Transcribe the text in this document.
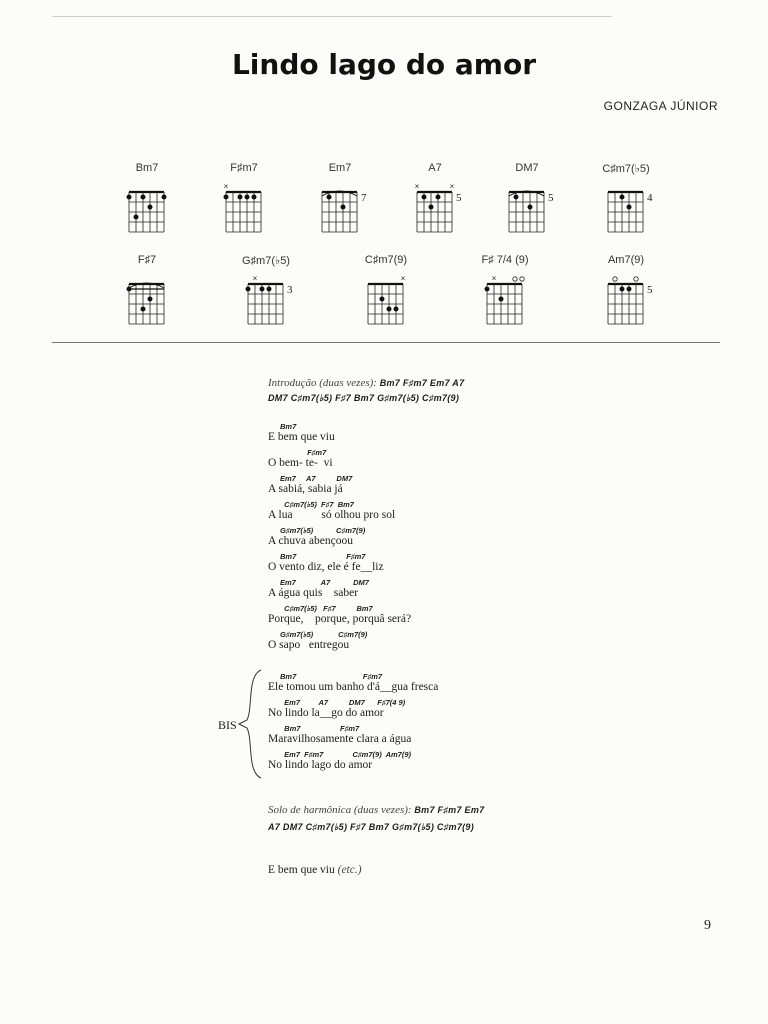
Lindo lago do amor
GONZAGA JÚNIOR
Bm7	F♯m7
×
Em7
7
A7
×	×
5
DM7
5
C♯m7(♭5)
4
F♯7	G♯m7(♭5)
×
3
C♯m7(9)
×
F♯ 7/4 (9)
×
Am7(9)
5
Introdução (duas vezes): Bm7 F♯m7 Em7 A7
DM7 C♯m7(♭5) F♯7 Bm7 G♯m7(♭5) C♯m7(9)
Bm7
E bem que viu
F♯m7
O bem- te-  vi
Em7     A7          DM7
A sabiá, sabia já
C♯m7(♭5)  F♯7  Bm7
A lua          só olhou pro sol
G♯m7(♭5)           C♯m7(9)
A chuva abençoou
Bm7                        F♯m7
O vento diz, ele é fe__liz
Em7            A7           DM7
A água quis    saber
C♯m7(♭5)   F♯7          Bm7
Porque,    porque, porquâ será?
G♯m7(♭5)            C♯m7(9)
O sapo   entregou
BIS
Bm7                                F♯m7
Ele tomou um banho d'á__gua fresca
Em7         A7          DM7      F♯7(4 9)
No lindo la__go do amor
Bm7                   F♯m7
Maravilhosamente clara a água
Em7  F♯m7              C♯m7(9)  Am7(9)
No lindo lago do amor
Solo de harmônica (duas vezes): Bm7 F♯m7 Em7
A7 DM7 C♯m7(♭5) F♯7 Bm7 G♯m7(♭5) C♯m7(9)
E bem que viu (etc.)
9
